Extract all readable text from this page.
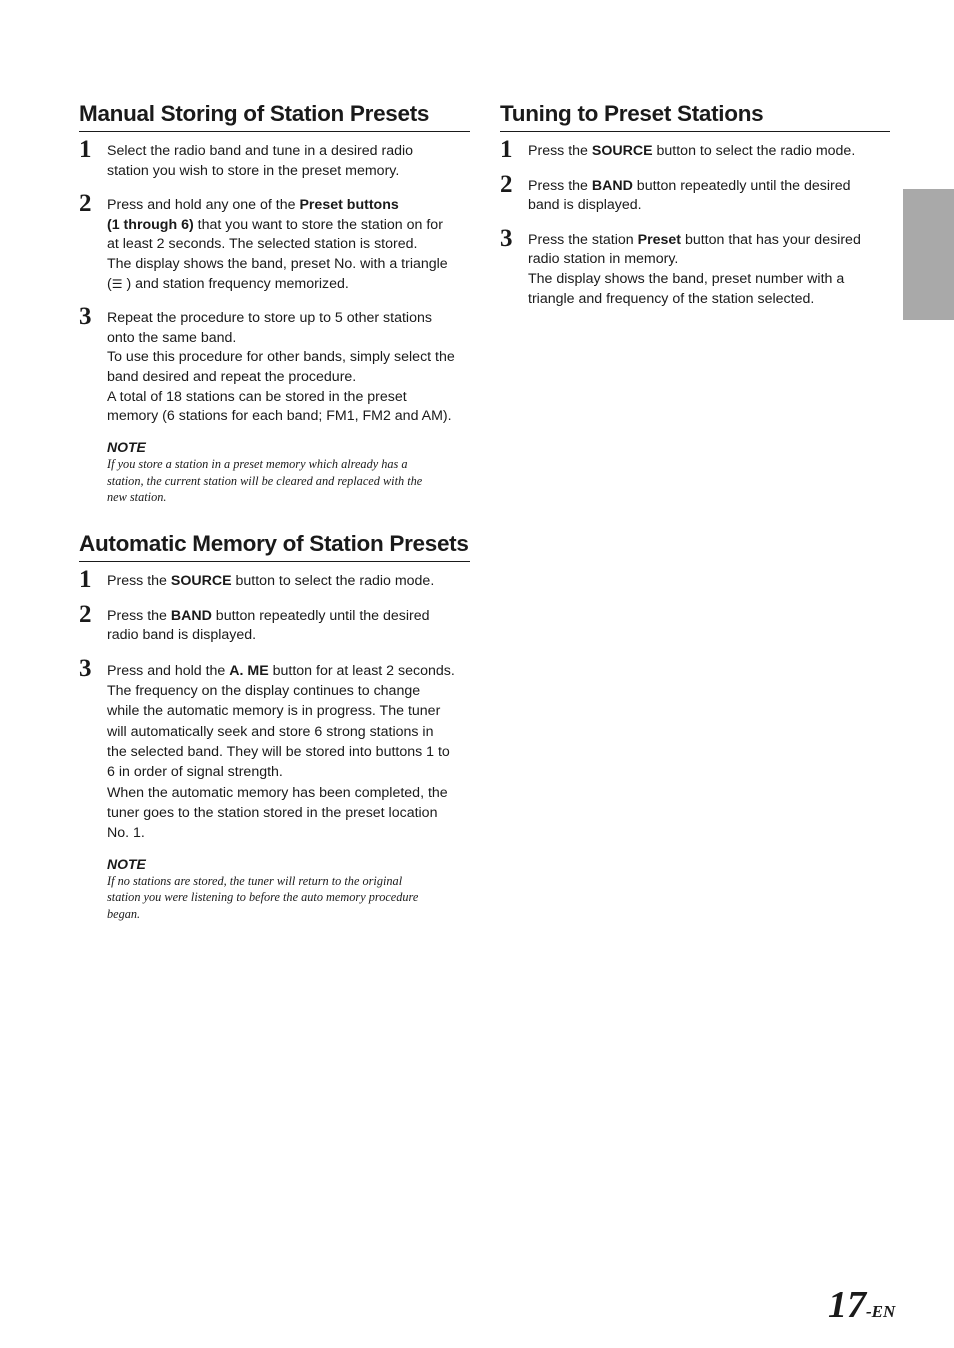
Manual Storing of Station Presets
1 Select the radio band and tune in a desired radio

station you wish to store in the preset memory.

2 Press and hold any one of the Preset buttons

(1 through 6) that you want to store the station on for

at least 2 seconds. The selected station is stored.

The display shows the band, preset No. with a triangle

(☰ ) and station frequency memorized.

3 Repeat the procedure to store up to 5 other stations

onto the same band.

To use this procedure for other bands, simply select the

band desired and repeat the procedure.

A total of 18 stations can be stored in the preset

memory (6 stations for each band; FM1, FM2 and AM).

NOTE

If you store a station in a preset memory which already has a

station, the current station will be cleared and replaced with the

new station.

Automatic Memory of Station Presets
1 Press the SOURCE button to select the radio mode.

2 Press the BAND button repeatedly until the desired

radio band is displayed.

3 Press and hold the A. ME button for at least 2 seconds.

The frequency on the display continues to change

while the automatic memory is in progress. The tuner

will automatically seek and store 6 strong stations in

the selected band. They will be stored into buttons 1 to

6 in order of signal strength.

When the automatic memory has been completed, the

tuner goes to the station stored in the preset location

No. 1.

NOTE

If no stations are stored, the tuner will return to the original

station you were listening to before the auto memory procedure

began.

Tuning to Preset Stations
1 Press the SOURCE button to select the radio mode.

2 Press the BAND button repeatedly until the desired

band is displayed.

3 Press the station Preset button that has your desired

radio station in memory.

The display shows the band, preset number with a

triangle and frequency of the station selected.

17-EN
